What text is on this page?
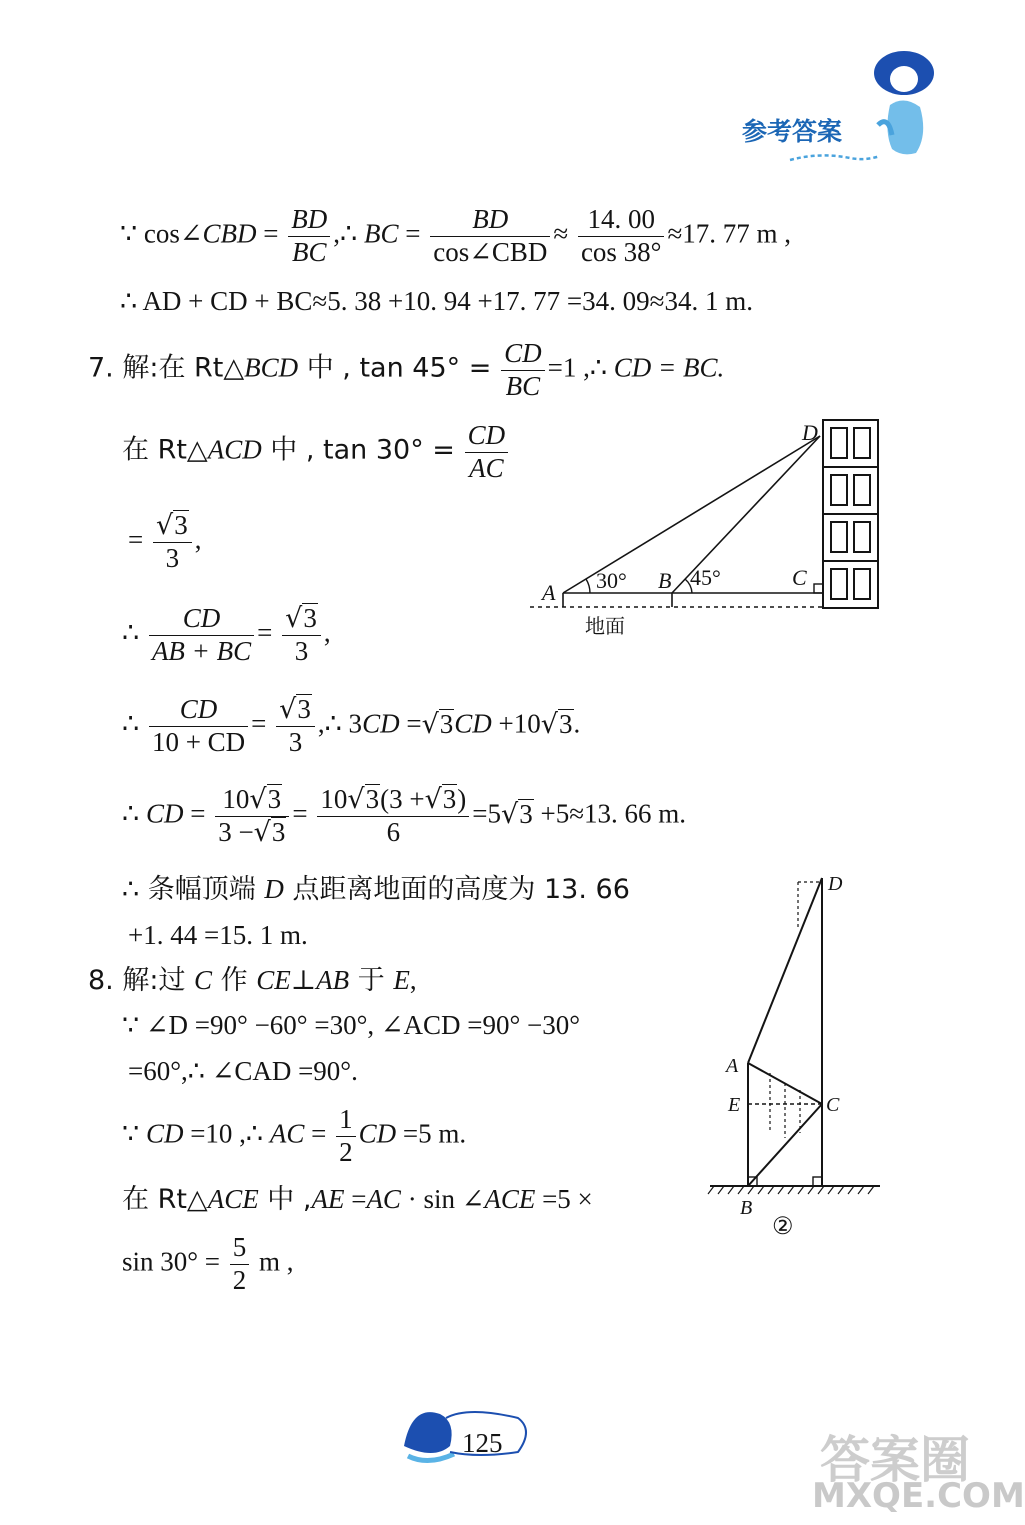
参考答案
∵ cos∠CBD = $\frac{BD}{BC}$ ,∴ BC = $\frac{BD}{\text{cos∠CBD}} \approx \frac{14. 00}{\cos 38^\circ} \approx 17$. 77 m ,
∴ AD + CD + BC≈5. 38 +10. 94 +17. 77 =34. 09≈34. 1 m.
7. 解:在 Rt△BCD 中 , $\tan 45^\circ = \frac{CD}{BC} =1$ ,∴ CD = BC.
在 Rt△ACD 中 , $\tan 30^\circ = \frac{CD}{AC}$
= $\frac{√3}{3}$ ,
∴ $\frac{CD}{AB + BC} = \frac{√3}{3}$ ,
∴ $\frac{CD}{10 + CD} = \frac{√3}{3}$ ,∴ 3CD =√3CD +10√3.
∴ CD = $\frac{10√3}{3 -√3} = \frac{10√3(3 +√3)}{6} =5√3 +5\approx 13$. 66 m.
∴ 条幅顶端 D 点距离地面的高度为 13. 66
+1. 44 =15. 1 m.
8. 解:过 C 作 CE⊥AB 于 E,
∵ ∠D =90° −60° =30°, ∠ACD =90° −30°
=60°,∴ ∠CAD =90°.
∵ CD =10 ,∴ AC = $\frac{1}{2}$ CD =5 m.
在 Rt△ACE 中 ,AE =AC · sin ∠ACE =5 ×
$\sin 30^\circ = \frac{5}{2}$ m ,
A 30° B 45°	C
D
地面
D
A
E	C
B
②
125	答案圈
MXQE.COM
